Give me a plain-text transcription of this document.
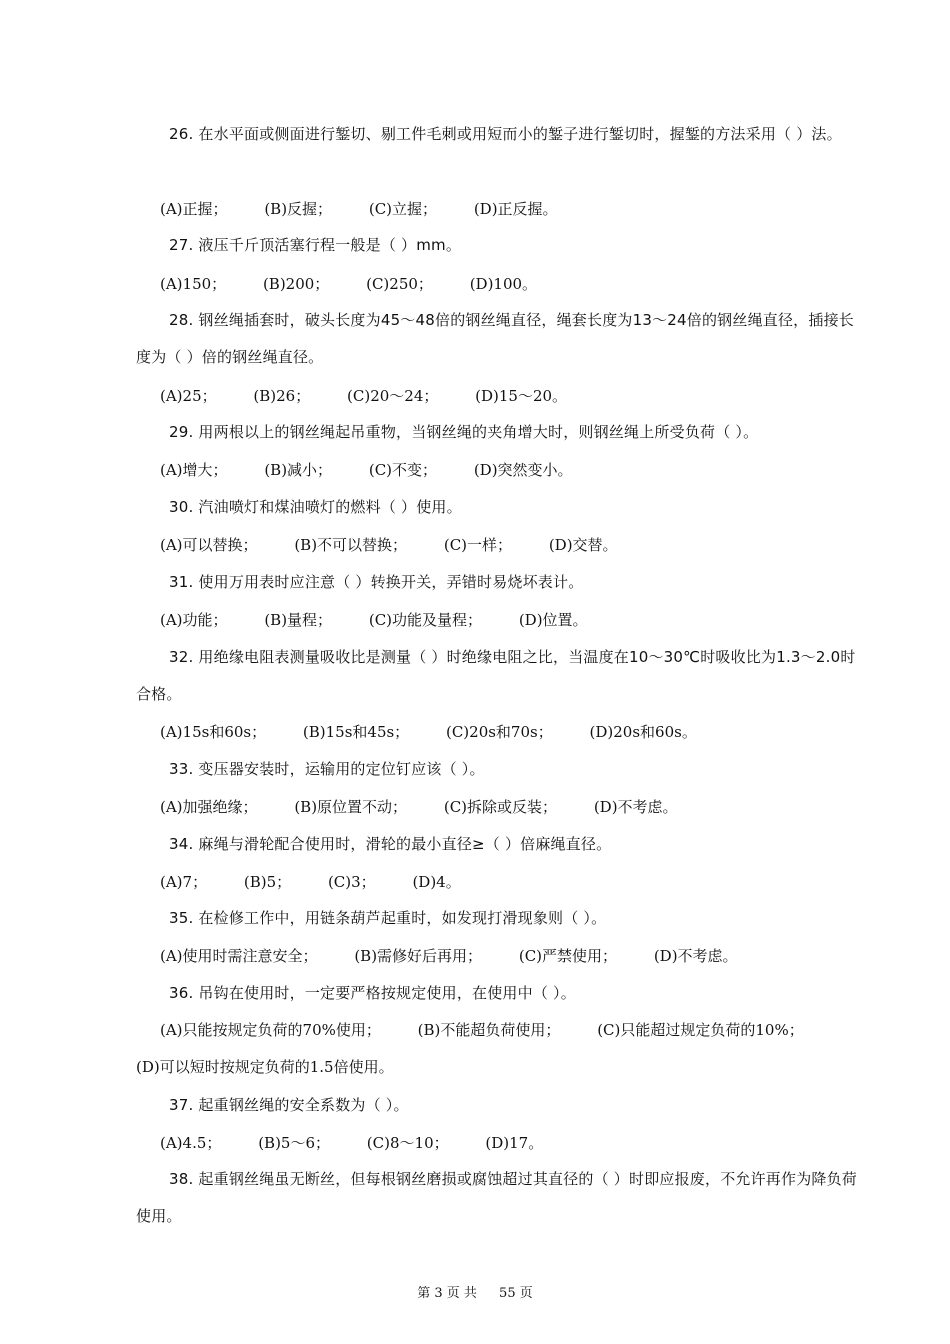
26. 在水平面或侧面进行錾切、剔工件毛刺或用短而小的錾子进行錾切时，握錾的方法采用（ ）法。

(A)正握； (B)反握； (C)立握； (D)正反握。

27. 液压千斤顶活塞行程一般是（ ）mm。

(A)150； (B)200； (C)250； (D)100。

28. 钢丝绳插套时，破头长度为45～48倍的钢丝绳直径，绳套长度为13～24倍的钢丝绳直径，插接长度为（ ）倍的钢丝绳直径。

(A)25； (B)26； (C)20～24； (D)15～20。

29. 用两根以上的钢丝绳起吊重物，当钢丝绳的夹角增大时，则钢丝绳上所受负荷（ ）。

(A)增大； (B)减小； (C)不变； (D)突然变小。

30. 汽油喷灯和煤油喷灯的燃料（ ）使用。

(A)可以替换； (B)不可以替换； (C)一样； (D)交替。

31. 使用万用表时应注意（ ）转换开关，弄错时易烧坏表计。

(A)功能； (B)量程； (C)功能及量程； (D)位置。

32. 用绝缘电阻表测量吸收比是测量（ ）时绝缘电阻之比，当温度在10～30℃时吸收比为1.3～2.0时合格。

(A)15s和60s； (B)15s和45s； (C)20s和70s； (D)20s和60s。

33. 变压器安装时，运输用的定位钉应该（ ）。

(A)加强绝缘； (B)原位置不动； (C)拆除或反装； (D)不考虑。

34. 麻绳与滑轮配合使用时，滑轮的最小直径≥（ ）倍麻绳直径。

(A)7； (B)5； (C)3； (D)4。

35. 在检修工作中，用链条葫芦起重时，如发现打滑现象则（ ）。

(A)使用时需注意安全； (B)需修好后再用； (C)严禁使用； (D)不考虑。

36. 吊钩在使用时，一定要严格按规定使用，在使用中（ ）。

(A)只能按规定负荷的70%使用； (B)不能超负荷使用； (C)只能超过规定负荷的10%； (D)可以短时按规定负荷的1.5倍使用。

37. 起重钢丝绳的安全系数为（ ）。

(A)4.5； (B)5～6； (C)8～10； (D)17。

38. 起重钢丝绳虽无断丝，但每根钢丝磨损或腐蚀超过其直径的（ ）时即应报废，不允许再作为降负荷使用。

第 3 页 共 55 页
